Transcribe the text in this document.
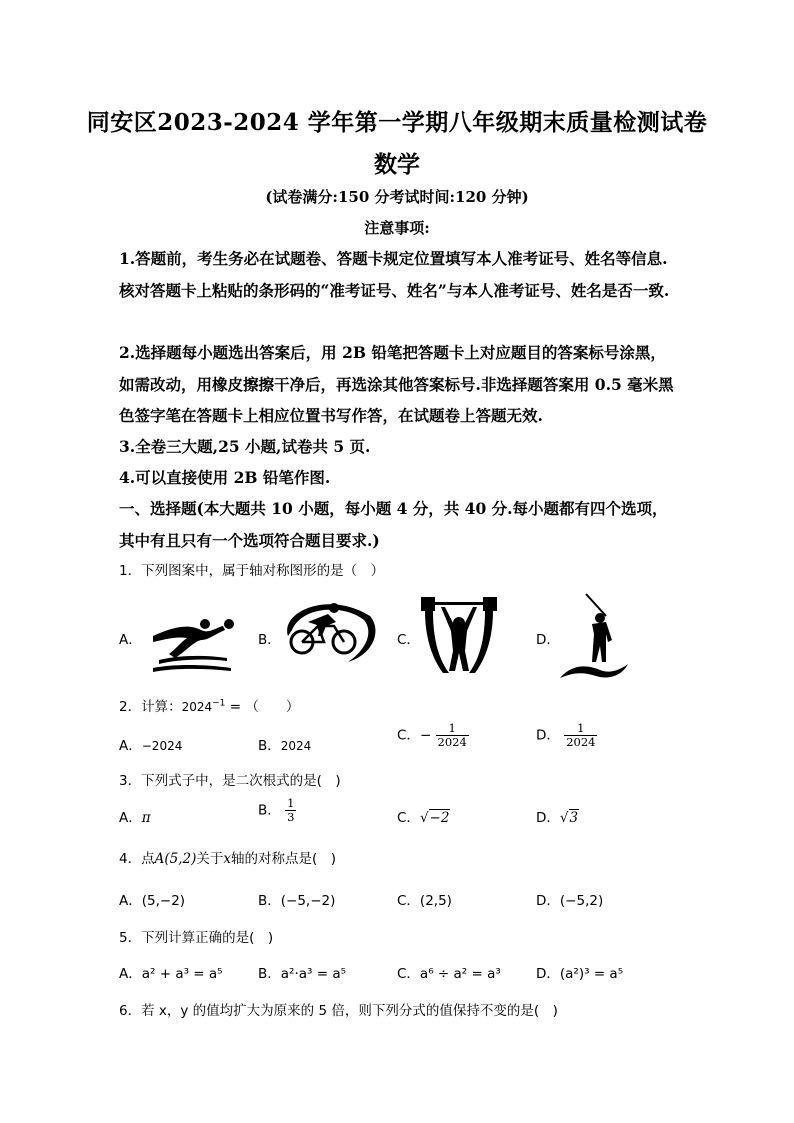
同安区2023-2024 学年第一学期八年级期末质量检测试卷
数学
(试卷满分:150 分考试时间:120 分钟)
注意事项:
1.答题前，考生务必在试题卷、答题卡规定位置填写本人准考证号、姓名等信息.核对答题卡上粘贴的条形码的“准考证号、姓名”与本人准考证号、姓名是否一致.
2.选择题每小题选出答案后，用 2B 铅笔把答题卡上对应题目的答案标号涂黑，如需改动，用橡皮擦擦干净后，再选涂其他答案标号.非选择题答案用 0.5 毫米黑色签字笔在答题卡上相应位置书写作答，在试题卷上答题无效.
3.全卷三大题,25 小题,试卷共 5 页.
4.可以直接使用 2B 铅笔作图.
一、选择题(本大题共 10 小题，每小题 4 分，共 40 分.每小题都有四个选项，其中有且只有一个选项符合题目要求.)
1．下列图案中，属于轴对称图形的是（　）
A．	B．	C．	D．
2．计算：$2024^{-1}$ = （　　）
A．−2024	B．2024
C．− $\frac{1}{2024}$	D． $\frac{1}{2024}$
3．下列式子中，是二次根式的是(　)
A．π	B． $\frac{1}{3}$	C．√−2	D．√3
4．点A(5,2)关于x轴的对称点是(　)
A．(5,−2)	B．(−5,−2)	C．(2,5)	D．(−5,2)
5．下列计算正确的是(　)
A．a² + a³ = a⁵	B．a²·a³ = a⁵	C．a⁶ ÷ a² = a³	D．(a²)³ = a⁵
6．若 x，y 的值均扩大为原来的 5 倍，则下列分式的值保持不变的是(　)
